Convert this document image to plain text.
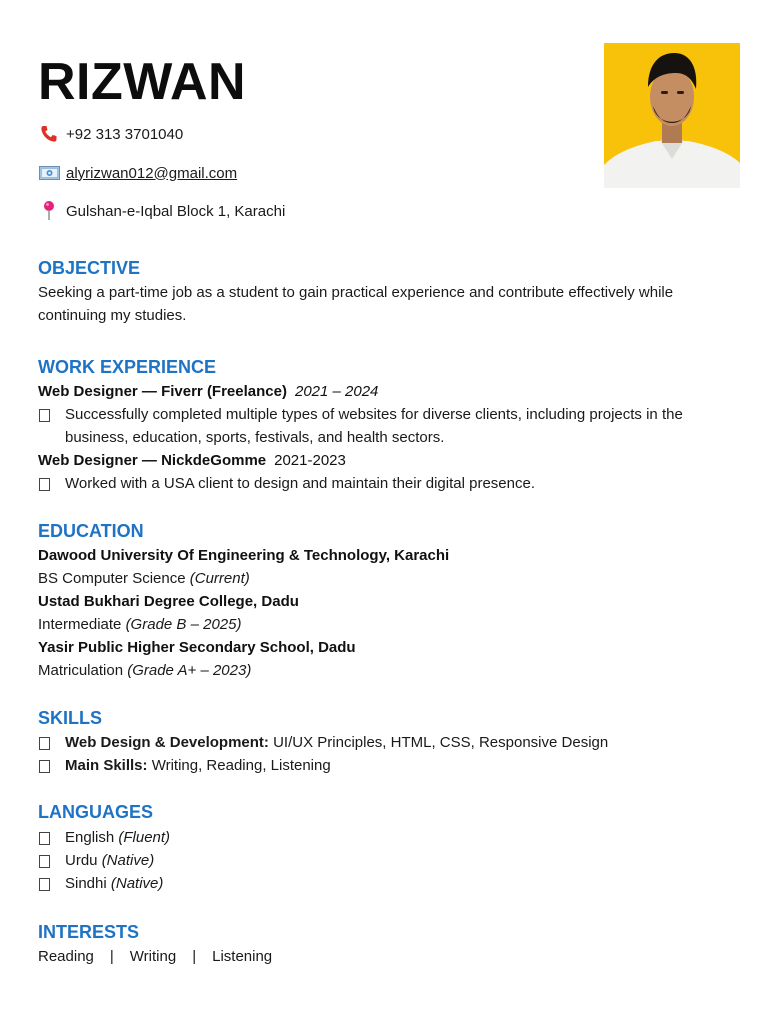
RIZWAN
+92 313 3701040
alyrizwan012@gmail.com
Gulshan-e-Iqbal Block 1, Karachi
OBJECTIVE

Seeking a part-time job as a student to gain practical experience and contribute effectively while continuing my studies.

WORK EXPERIENCE
Web Designer — Fiverr (Freelance) 2021 – 2024
Successfully completed multiple types of websites for diverse clients, including projects in the business, education, sports, festivals, and health sectors.
Web Designer — NickdeGomme 2021-2023
Worked with a USA client to design and maintain their digital presence.
EDUCATION
Dawood University Of Engineering & Technology, Karachi
BS Computer Science (Current)
Ustad Bukhari Degree College, Dadu
Intermediate (Grade B – 2025)
Yasir Public Higher Secondary School, Dadu
Matriculation (Grade A+ – 2023)
SKILLS
Web Design & Development: UI/UX Principles, HTML, CSS, Responsive Design
Main Skills: Writing, Reading, Listening
LANGUAGES
English (Fluent)
Urdu (Native)
Sindhi (Native)
INTERESTS
Reading | Writing | Listening
